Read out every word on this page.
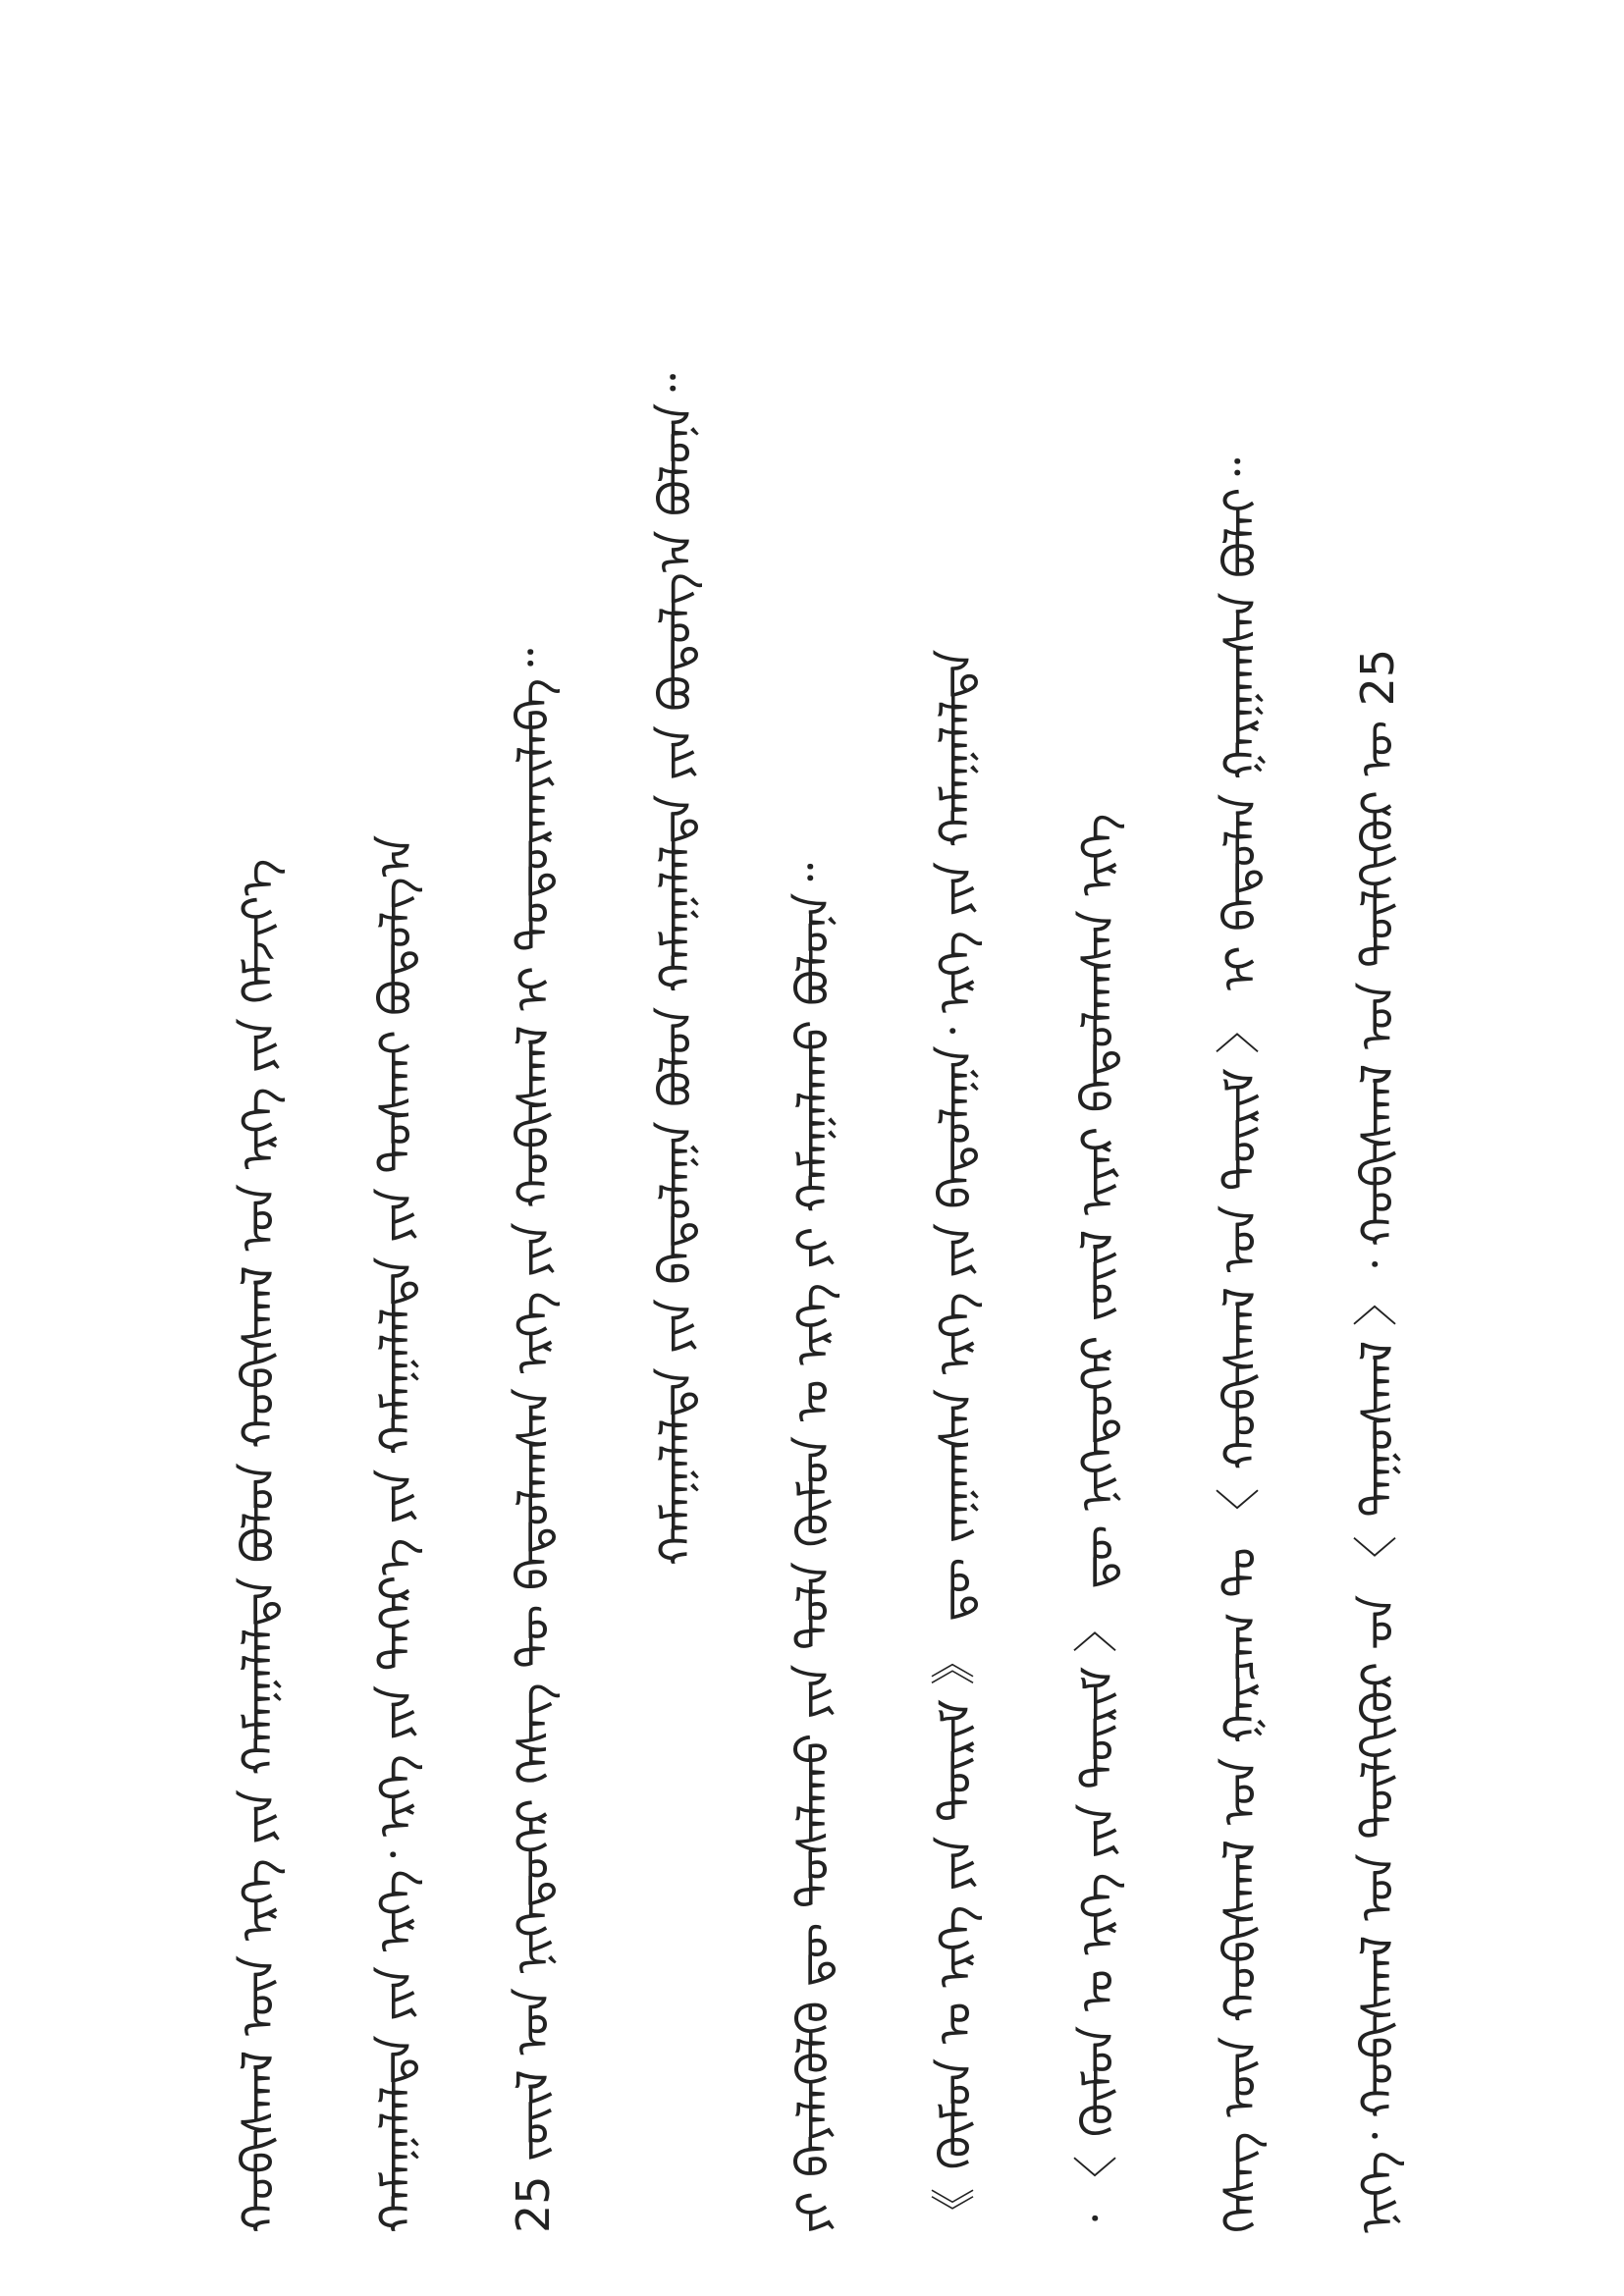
ᠨᠢᠭᠡ᠂ ᠬᠤᠪᠢᠰᠬᠠᠯ ᠤᠨ ᠲᠦᠯᠬᠢᠭᠦᠷ ᠊ᠦᠨ 〈 ᠳᠠᠭᠤᠰᠬᠠᠯ 〉᠂ ᠬᠤᠪᠢᠰᠬᠠᠯ ᠤᠨ ᠲᠦᠯᠬᠢᠭᠦᠷ ᠦ 25
ᠬᠡᠰᠡᠭ ᠦᠨ ᠬᠤᠪᠢᠰᠬᠠᠯ ᠤᠨ ᠭᠠᠷᠴᠠᠭ ᠲᠤ 〈 ᠬᠤᠪᠢᠰᠬᠠᠯ ᠤᠨ ᠳᠦᠷᠢᠮ 〉 ᠢ ᠪᠠᠲᠤᠯᠠᠨ ᠭᠠᠷᠭᠠᠭᠰᠠᠨ ᠪᠣᠯᠠᠢ᠃
᠂ 〈 ᠬᠦᠮᠦᠨ ᠤ ᠡᠷᠬᠡ ᠶᠢᠨ ᠳᠦᠷᠢᠮ 〉 ᠳᠦ ᠨᠢᠭᠡᠳᠦᠭᠡᠷ ᠵᠦᠢᠯ ᠢᠶᠡᠷ ᠪᠠᠲᠤᠯᠠᠭᠰᠠᠨ ᠡᠷᠬᠡ
《 ᠬᠦᠮᠦᠨ ᠤ ᠡᠷᠬᠡ ᠶᠢᠨ ᠳᠦᠷᠢᠮ 》 ᠳᠦ ᠵᠠᠭᠠᠭᠰᠠᠨ ᠡᠷᠬᠡ ᠶᠢᠨ ᠪᠠᠲᠤᠯᠠᠭᠠ᠂ ᠡᠷᠬᠡ ᠶᠢᠨ ᠬᠠᠮᠠᠭᠠᠯᠠᠯᠲᠠ
ᠶᠢ ᠪᠡᠶᠡᠯᠡᠭᠦᠯᠬᠦ ᠳᠦ ᠲᠤᠰᠠᠯᠠᠬᠤ ᠶᠢᠨ ᠲᠤᠯᠠ ᠬᠦᠮᠦᠨ ᠤ ᠡᠷᠬᠡ ᠶᠢ ᠬᠠᠮᠠᠭᠠᠯᠠᠬᠤ ᠪᠣᠯᠤᠨᠠ᠃
ᠬᠠᠮᠠᠭᠠᠯᠠᠯᠲᠠ ᠶᠢᠨ ᠪᠠᠲᠤᠯᠠᠭᠠ ᠪᠣᠯᠤᠨ ᠬᠠᠮᠠᠭᠠᠯᠠᠯᠲᠠ ᠶᠢᠨ ᠪᠣᠳᠣᠯᠭ᠎ᠠ ᠪᠣᠯᠤᠨᠠ᠃
25 ᠵᠦᠢᠯ ᠤᠨ ᠨᠢᠭᠡᠳᠦᠭᠡᠷ ᠬᠡᠰᠡᠭ ᠲᠦ ᠪᠠᠲᠤᠯᠠᠭᠰᠠᠨ ᠡᠷᠬᠡ ᠶᠢᠨ ᠬᠤᠪᠢᠰᠬᠠᠯ ᠢ ᠲᠤᠳᠤᠷᠬᠠᠶᠢᠯᠠᠪᠠ᠃
ᠬᠠᠮᠠᠭᠠᠯᠠᠯᠲᠠ ᠶᠢᠨ ᠡᠷᠬᠡ᠂ ᠡᠷᠬᠡ ᠶᠢᠨ ᠳᠡᠭᠡᠷ᠎ᠡ ᠶᠢᠨ ᠬᠠᠮᠠᠭᠠᠯᠠᠯᠲᠠ ᠶᠢᠨ ᠲᠤᠰᠬᠠᠢ ᠪᠣᠳᠣᠯᠭ᠎ᠠ
ᠬᠤᠪᠢᠰᠬᠠᠯ ᠦᠨ ᠡᠷᠬᠡ ᠶᠢᠨ ᠬᠠᠮᠠᠭᠠᠯᠠᠯᠲᠠ ᠪᠣᠯᠤᠨ ᠬᠤᠪᠢᠰᠬᠠᠯ ᠤᠨ ᠡᠷᠬᠡ ᠶᠢᠨ ᠬᠡᠮᠵᠢᠶ᠎ᠡ
